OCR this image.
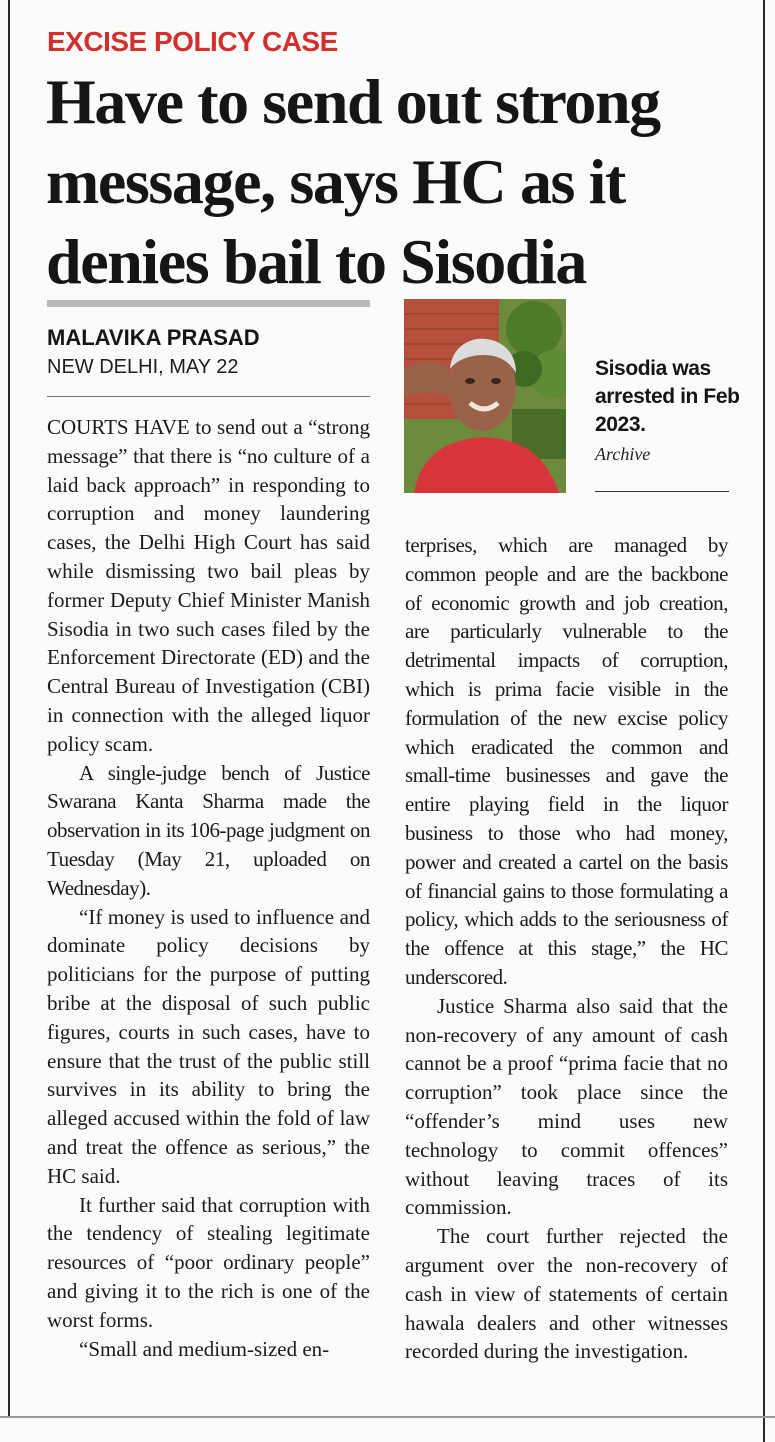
EXCISE POLICY CASE
Have to send out strong message, says HC as it denies bail to Sisodia
MALAVIKA PRASAD
NEW DELHI, MAY 22	Sisodia was arrested in Feb 2023.
Archive

COURTS HAVE to send out a “strong message” that there is “no culture of a laid back approach” in responding to corruption and money laundering cases, the Delhi High Court has said while dismissing two bail pleas by former Deputy Chief Minister Manish Sisodia in two such cases filed by the Enforcement Directorate (ED) and the Central Bureau of Investigation (CBI) in connection with the alleged liquor policy scam.

A single-judge bench of Justice Swarana Kanta Sharma made the observation in its 106-page judgment on Tuesday (May 21, uploaded on Wednesday).

“If money is used to influence and dominate policy decisions by politicians for the purpose of putting bribe at the disposal of such public figures, courts in such cases, have to ensure that the trust of the public still survives in its ability to bring the alleged accused within the fold of law and treat the offence as serious,” the HC said.

It further said that corruption with the tendency of stealing legitimate resources of “poor ordinary people” and giving it to the rich is one of the worst forms.

“Small and medium-sized en-

terprises, which are managed by common people and are the backbone of economic growth and job creation, are particularly vulnerable to the detrimental impacts of corruption, which is prima facie visible in the formulation of the new excise policy which eradicated the common and small-time businesses and gave the entire playing field in the liquor business to those who had money, power and created a cartel on the basis of financial gains to those formulating a policy, which adds to the seriousness of the offence at this stage,” the HC underscored.

Justice Sharma also said that the non-recovery of any amount of cash cannot be a proof “prima facie that no corruption” took place since the “offender’s mind uses new technology to commit offences” without leaving traces of its commission.

The court further rejected the argument over the non-recovery of cash in view of statements of certain hawala dealers and other witnesses recorded during the investigation.
